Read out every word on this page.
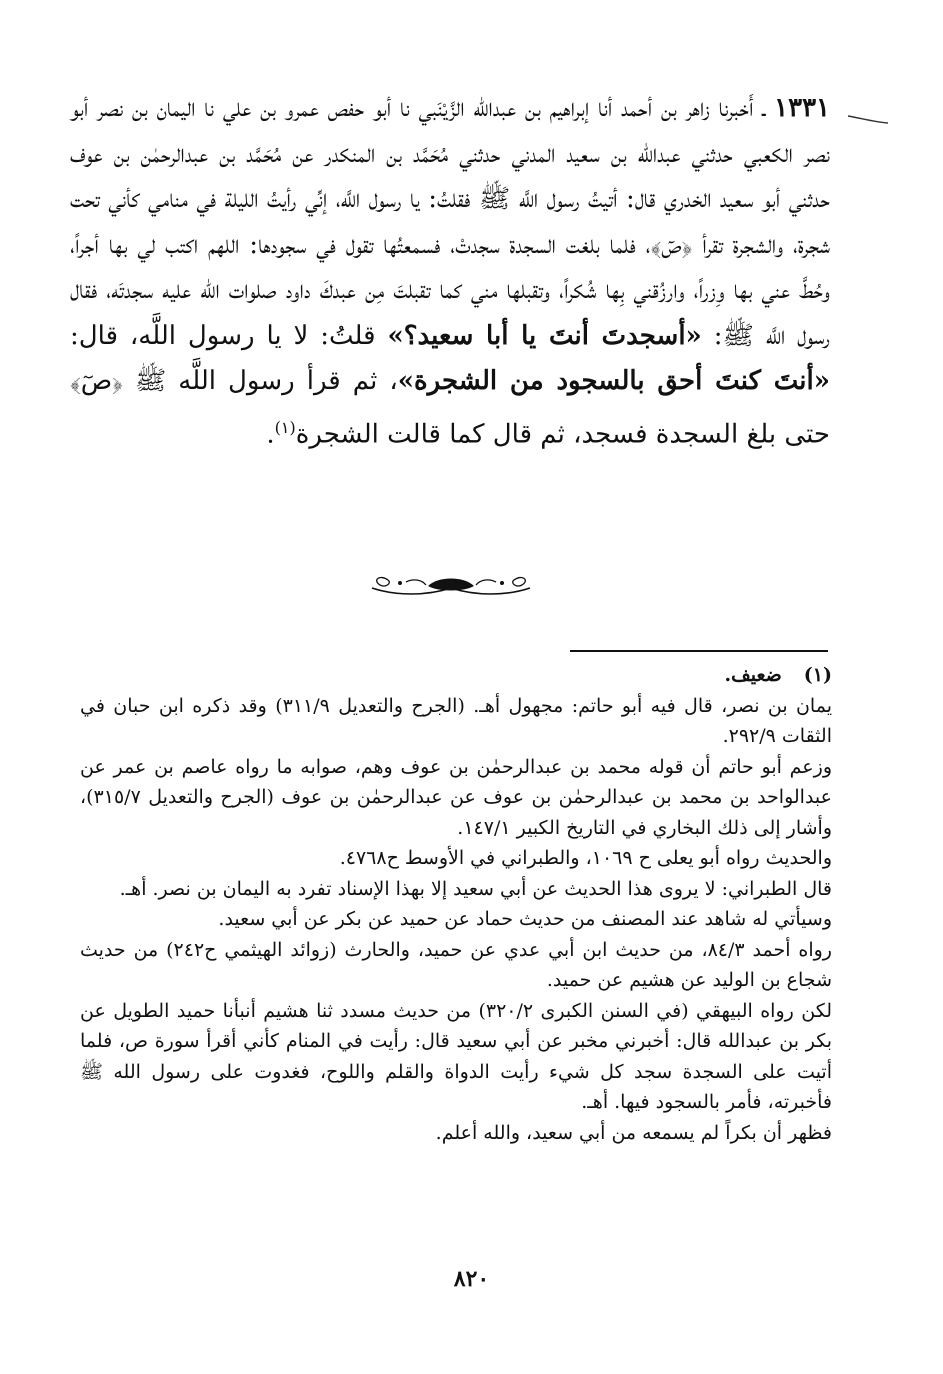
١٣٣١ ـ أَخبرنا زاهر بن أحمد أنا إبراهيم بن عبدالله الزَّيْنَبي نا أبو حفص عمرو بن علي نا اليمان بن نصر أبو نصر الكعبي حدثني عبدالله بن سعيد المدني حدثني مُحَمَّد بن المنكدر عن مُحَمَّد بن عبدالرحمٰن بن عوف حدثني أبو سعيد الخدري قال: أتيتُ رسول اللَّه ﷺ فقلتُ: يا رسول اللَّه، إنِّي رأيتُ الليلة في منامي كأني تحت شجرة، والشجرة تقرأ ﴿صٓ﴾، فلما بلغت السجدة سجدتْ، فسمعتُها تقول في سجودها: اللهم اكتب لي بها أجراً، وحُطَّ عني بها وِزراً، وارزُقني بِها شُكراً، وتقبلها مني كما تقبلتَ مِن عبدكَ داود صلوات الله عليه سجدتَه، فقال رسول اللَّه ﷺ: «أسجدتَ أنتَ يا أبا سعيد؟» قلتُ: لا يا رسول اللَّه، قال: «أنتَ كنتَ أحق بالسجود من الشجرة»، ثم قرأ رسول اللَّه ﷺ ﴿صٓ﴾ حتى بلغ السجدة فسجد، ثم قال كما قالت الشجرة$^{(١)}$.

(١)ضعيف.

يمان بن نصر، قال فيه أبو حاتم: مجهول أهـ. (الجرح والتعديل ٣١١/٩) وقد ذكره ابن حبان في الثقات ٢٩٢/٩.

وزعم أبو حاتم أن قوله محمد بن عبدالرحمٰن بن عوف وهم، صوابه ما رواه عاصم بن عمر عن عبدالواحد بن محمد بن عبدالرحمٰن بن عوف عن عبدالرحمٰن بن عوف (الجرح والتعديل ٣١٥/٧)، وأشار إلى ذلك البخاري في التاريخ الكبير ١٤٧/١.

والحديث رواه أبو يعلى ح ١٠٦٩، والطبراني في الأوسط ح٤٧٦٨.

قال الطبراني: لا يروى هذا الحديث عن أبي سعيد إلا بهذا الإسناد تفرد به اليمان بن نصر. أهـ.

وسيأتي له شاهد عند المصنف من حديث حماد عن حميد عن بكر عن أبي سعيد.

رواه أحمد ٨٤/٣، من حديث ابن أبي عدي عن حميد، والحارث (زوائد الهيثمي ح٢٤٢) من حديث شجاع بن الوليد عن هشيم عن حميد.

لكن رواه البيهقي (في السنن الكبرى ٣٢٠/٢) من حديث مسدد ثنا هشيم أنبأنا حميد الطويل عن بكر بن عبدالله قال: أخبرني مخبر عن أبي سعيد قال: رأيت في المنام كأني أقرأ سورة ص، فلما أتيت على السجدة سجد كل شيء رأيت الدواة والقلم واللوح، فغدوت على رسول الله ﷺ فأخبرته، فأمر بالسجود فيها. أهـ.

فظهر أن بكراً لم يسمعه من أبي سعيد، والله أعلم.

٨٢٠
